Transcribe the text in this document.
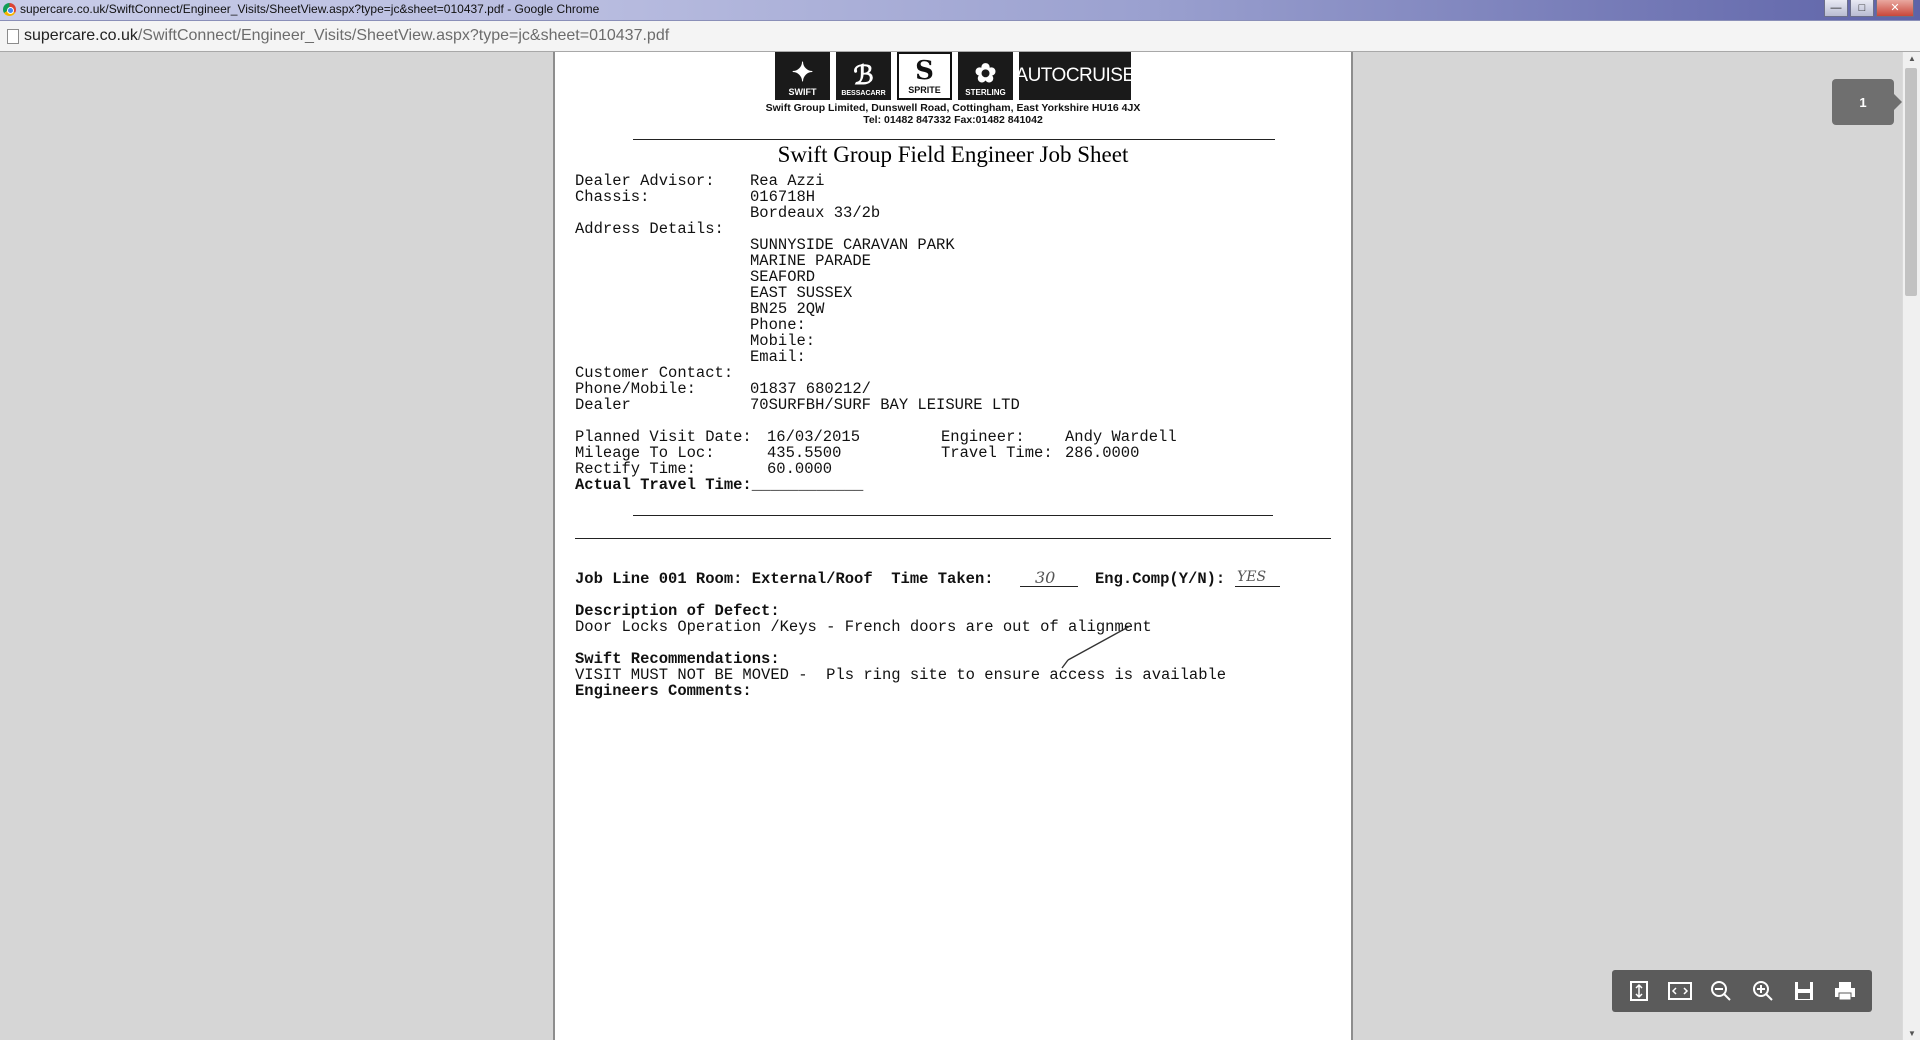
supercare.co.uk/SwiftConnect/Engineer_Visits/SheetView.aspx?type=jc&sheet=010437.pdf - Google Chrome	—	□	✕
supercare.co.uk/SwiftConnect/Engineer_Visits/SheetView.aspx?type=jc&sheet=010437.pdf
✦
SWIFT
ℬ
BESSACARR
S
SPRITE
✿
STERLING
AUTOCRUISE
Swift Group Limited, Dunswell Road, Cottingham, East Yorkshire HU16 4JX
Tel: 01482 847332 Fax:01482 841042
Swift Group Field Engineer Job Sheet
Dealer Advisor: Rea Azzi
Chassis:	016718H
Bordeaux 33/2b
Address Details:
SUNNYSIDE CARAVAN PARK
MARINE PARADE
SEAFORD
EAST SUSSEX
BN25 2QW
Phone:
Mobile:
Email:
Customer Contact:
Phone/Mobile:	01837 680212/
Dealer	70SURFBH/SURF BAY LEISURE LTD
Planned Visit Date: 16/03/2015	Engineer:	Andy Wardell
Mileage To Loc:	435.5500	Travel Time: 286.0000
Rectify Time:	60.0000
Actual Travel Time:____________
Job Line 001 Room: External/Roof  Time Taken:	30	Eng.Comp(Y/N): YES
Description of Defect:
Door Locks Operation /Keys - French doors are out of alignment
Swift Recommendations:
VISIT MUST NOT BE MOVED -  Pls ring site to ensure access is available
Engineers Comments:
1
▲
▼
